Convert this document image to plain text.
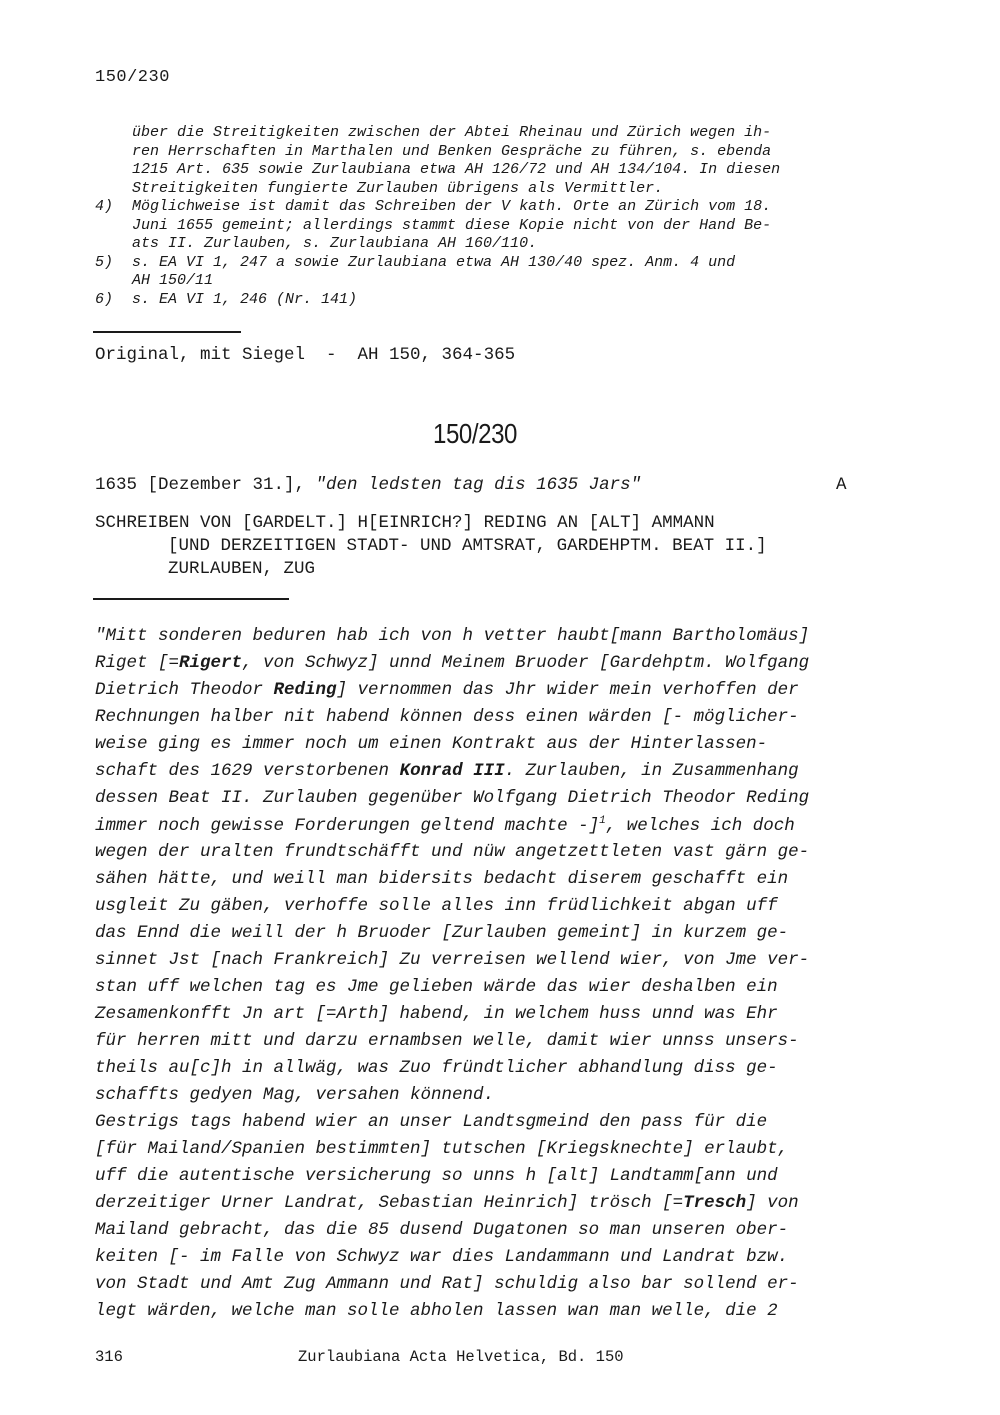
150/230
über die Streitigkeiten zwischen der Abtei Rheinau und Zürich wegen ih-
ren Herrschaften in Marthalen und Benken Gespräche zu führen, s. ebenda
1215 Art. 635 sowie Zurlaubiana etwa AH 126/72 und AH 134/104. In diesen
Streitigkeiten fungierte Zurlauben übrigens als Vermittler.
4) Möglichweise ist damit das Schreiben der V kath. Orte an Zürich vom 18.
Juni 1655 gemeint; allerdings stammt diese Kopie nicht von der Hand Be-
ats II. Zurlauben, s. Zurlaubiana AH 160/110.
5) s. EA VI 1, 247 a sowie Zurlaubiana etwa AH 130/40 spez. Anm. 4 und
AH 150/11
6) s. EA VI 1, 246 (Nr. 141)
Original, mit Siegel  -  AH 150, 364-365
150/230
1635 [Dezember 31.], "den ledsten tag dis 1635 Jars"	A
SCHREIBEN VON [GARDELT.] H[EINRICH?] REDING AN [ALT] AMMANN
[UND DERZEITIGEN STADT- UND AMTSRAT, GARDEHPTM. BEAT II.]
ZURLAUBEN, ZUG
"Mitt sonderen beduren hab ich von h vetter haubt[mann Bartholomäus]
Riget [=Rigert, von Schwyz] unnd Meinem Bruoder [Gardehptm. Wolfgang
Dietrich Theodor Reding] vernommen das Jhr wider mein verhoffen der
Rechnungen halber nit habend können dess einen wärden [- möglicher-
weise ging es immer noch um einen Kontrakt aus der Hinterlassen-
schaft des 1629 verstorbenen Konrad III. Zurlauben, in Zusammenhang
dessen Beat II. Zurlauben gegenüber Wolfgang Dietrich Theodor Reding
immer noch gewisse Forderungen geltend machte -]$^1$, welches ich doch
wegen der uralten frundtschäfft und nüw angetzettleten vast gärn ge-
sähen hätte, und weill man bidersits bedacht diserem geschafft ein
usgleit Zu gäben, verhoffe solle alles inn früdlichkeit abgan uff
das Ennd die weill der h Bruoder [Zurlauben gemeint] in kurzem ge-
sinnet Jst [nach Frankreich] Zu verreisen wellend wier, von Jme ver-
stan uff welchen tag es Jme gelieben wärde das wier deshalben ein
Zesamenkonfft Jn art [=Arth] habend, in welchem huss unnd was Ehr
für herren mitt und darzu ernambsen welle, damit wier unnss unsers-
theils au[c]h in allwäg, was Zuo fründtlicher abhandlung diss ge-
schaffts gedyen Mag, versahen könnend.
Gestrigs tags habend wier an unser Landtsgmeind den pass für die
[für Mailand/Spanien bestimmten] tutschen [Kriegsknechte] erlaubt,
uff die autentische versicherung so unns h [alt] Landtamm[ann und
derzeitiger Urner Landrat, Sebastian Heinrich] trösch [=Tresch] von
Mailand gebracht, das die 85 dusend Dugatonen so man unseren ober-
keiten [- im Falle von Schwyz war dies Landammann und Landrat bzw.
von Stadt und Amt Zug Ammann und Rat] schuldig also bar sollend er-
legt wärden, welche man solle abholen lassen wan man welle, die 2
316	Zurlaubiana Acta Helvetica, Bd. 150
